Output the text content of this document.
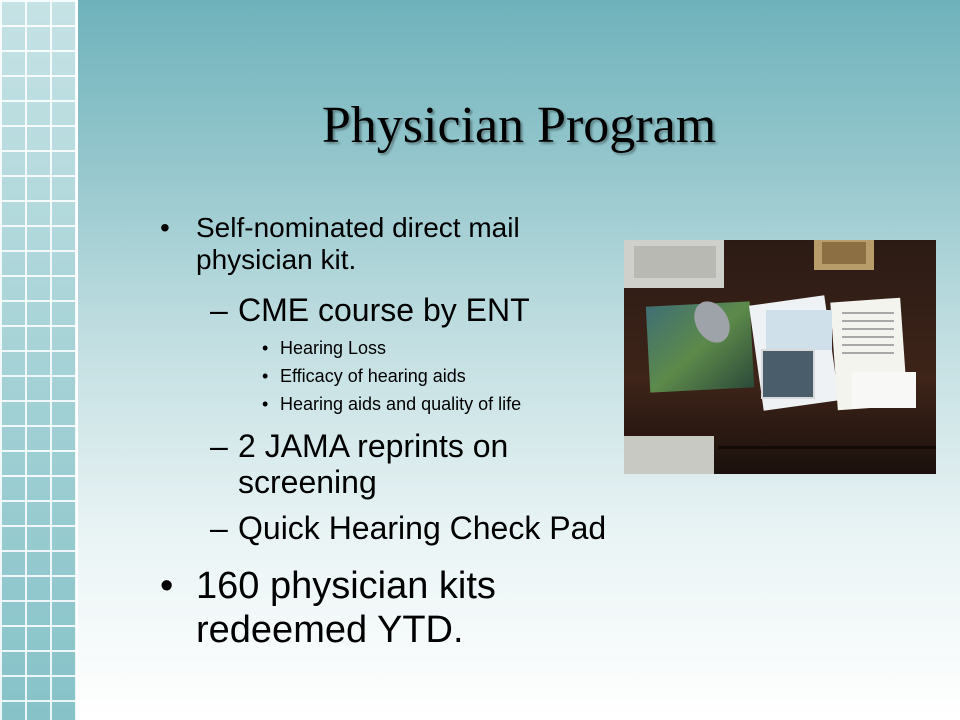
Physician Program
• Self-nominated direct mail physician kit.
– CME course by ENT
• Hearing Loss
• Efficacy of hearing aids
• Hearing aids and quality of life
– 2 JAMA reprints on screening
– Quick Hearing Check Pad
• 160 physician kits redeemed YTD.
